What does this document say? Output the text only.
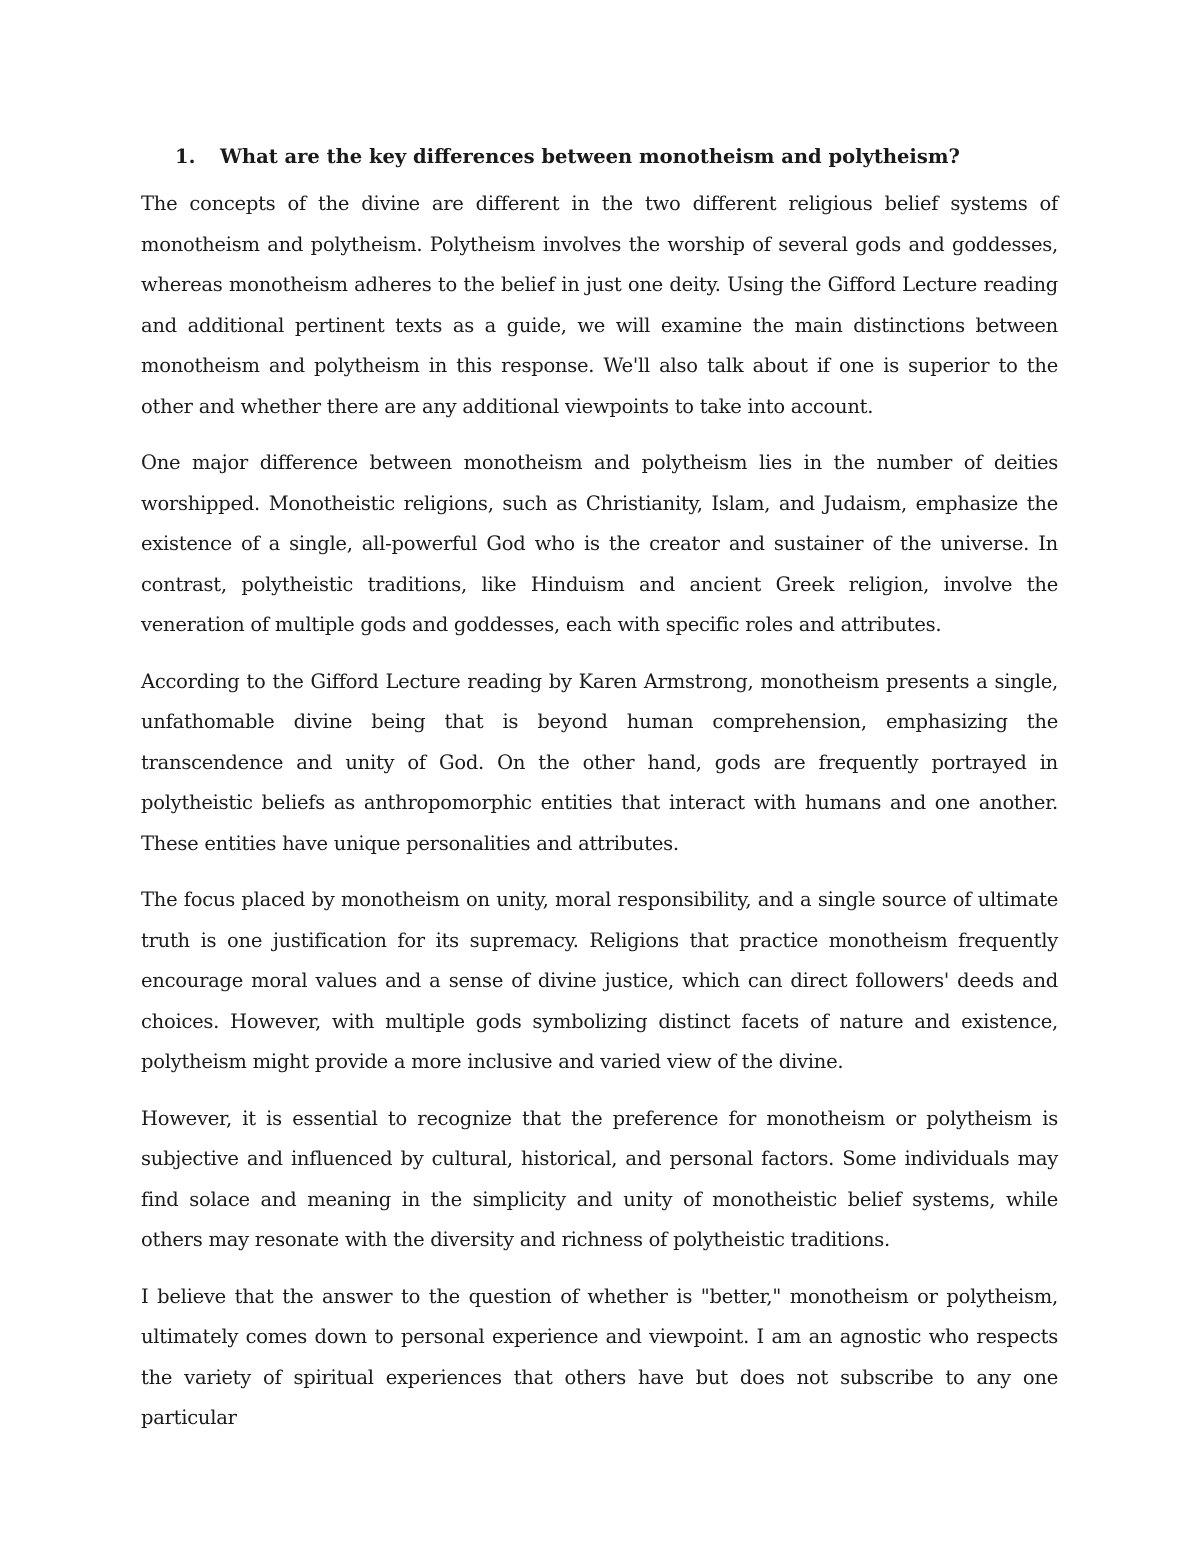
1.	What are the key differences between monotheism and polytheism?

The concepts of the divine are different in the two different religious belief systems of monotheism and polytheism. Polytheism involves the worship of several gods and goddesses, whereas monotheism adheres to the belief in just one deity. Using the Gifford Lecture reading and additional pertinent texts as a guide, we will examine the main distinctions between monotheism and polytheism in this response. We'll also talk about if one is superior to the other and whether there are any additional viewpoints to take into account.

One major difference between monotheism and polytheism lies in the number of deities worshipped. Monotheistic religions, such as Christianity, Islam, and Judaism, emphasize the existence of a single, all-powerful God who is the creator and sustainer of the universe. In contrast, polytheistic traditions, like Hinduism and ancient Greek religion, involve the veneration of multiple gods and goddesses, each with specific roles and attributes.

According to the Gifford Lecture reading by Karen Armstrong, monotheism presents a single, unfathomable divine being that is beyond human comprehension, emphasizing the transcendence and unity of God. On the other hand, gods are frequently portrayed in polytheistic beliefs as anthropomorphic entities that interact with humans and one another. These entities have unique personalities and attributes.

The focus placed by monotheism on unity, moral responsibility, and a single source of ultimate truth is one justification for its supremacy. Religions that practice monotheism frequently encourage moral values and a sense of divine justice, which can direct followers' deeds and choices. However, with multiple gods symbolizing distinct facets of nature and existence, polytheism might provide a more inclusive and varied view of the divine.

However, it is essential to recognize that the preference for monotheism or polytheism is subjective and influenced by cultural, historical, and personal factors. Some individuals may find solace and meaning in the simplicity and unity of monotheistic belief systems, while others may resonate with the diversity and richness of polytheistic traditions.

I believe that the answer to the question of whether is "better," monotheism or polytheism, ultimately comes down to personal experience and viewpoint. I am an agnostic who respects the variety of spiritual experiences that others have but does not subscribe to any one particular
